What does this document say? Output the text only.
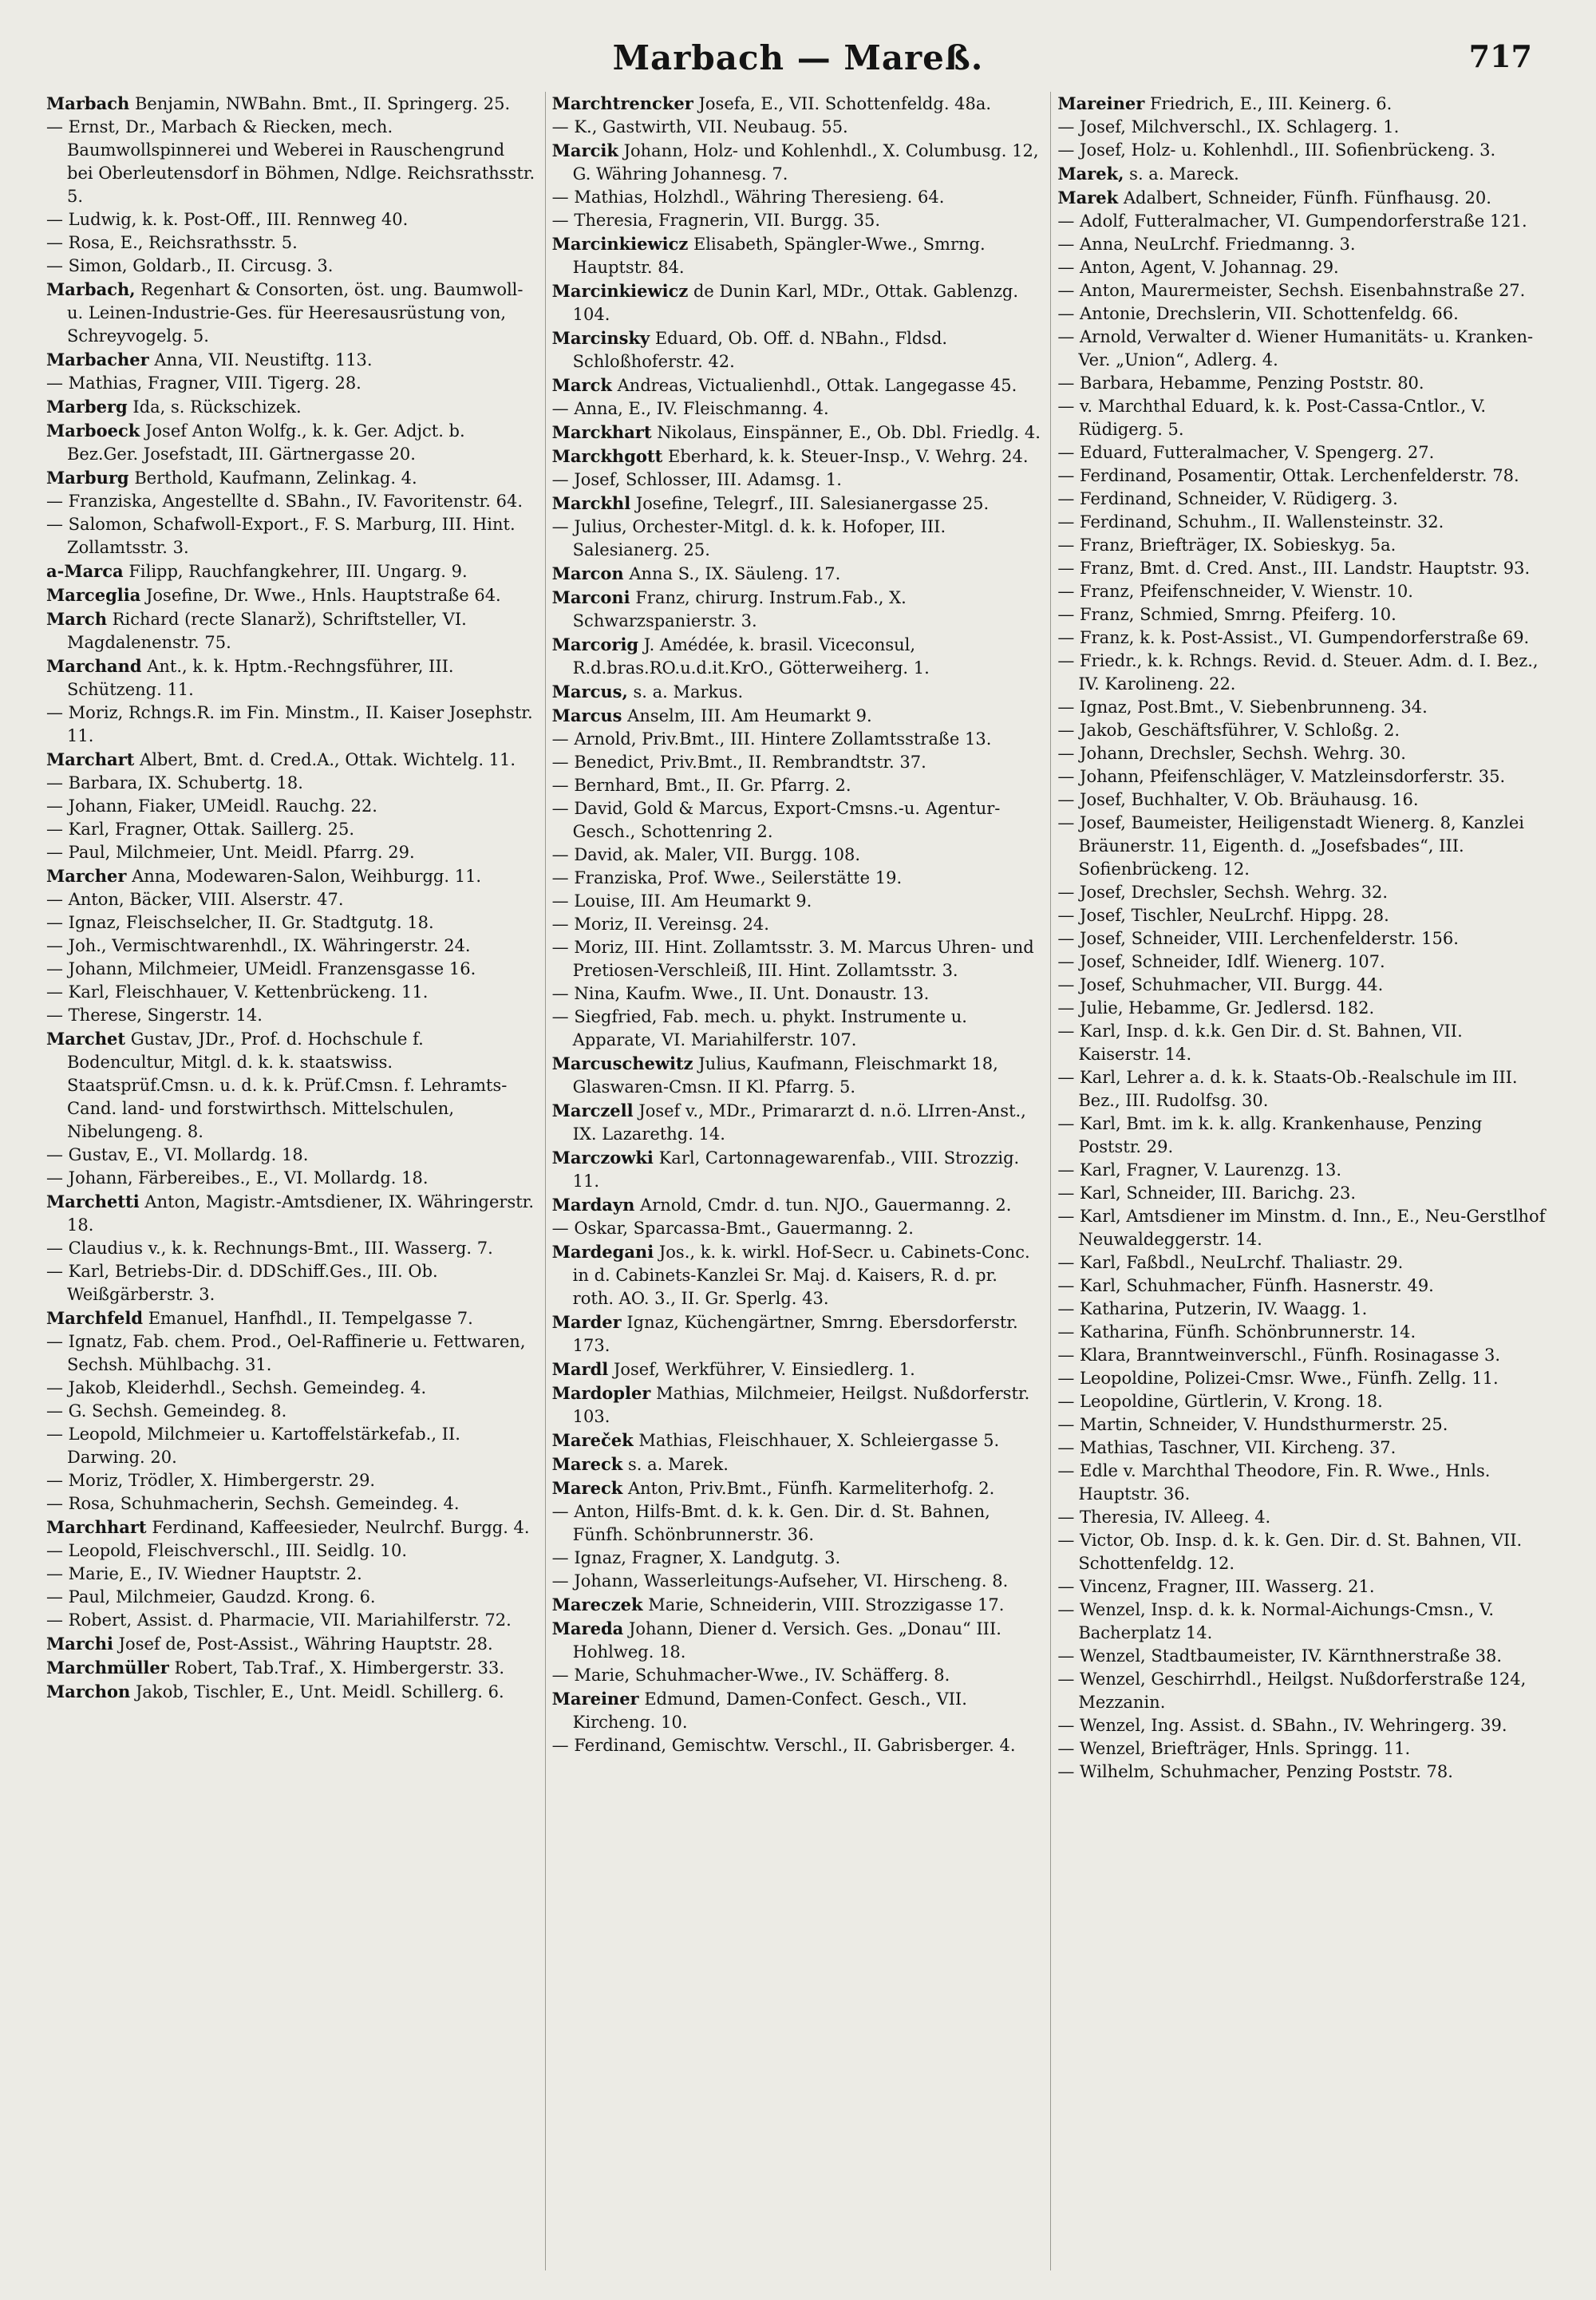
Marbach — Mareß.	717

Marbach Benjamin, NWBahn. Bmt., II. Springerg. 25.

— Ernst, Dr., Marbach & Riecken, mech. Baumwollspinnerei und Weberei in Rauschengrund bei Oberleutensdorf in Böhmen, Ndlge. Reichsrathsstr. 5.

— Ludwig, k. k. Post-Off., III. Rennweg 40.

— Rosa, E., Reichsrathsstr. 5.

— Simon, Goldarb., II. Circusg. 3.

Marbach, Regenhart & Consorten, öst. ung. Baumwoll- u. Leinen-Industrie-Ges. für Heeresausrüstung von, Schreyvogelg. 5.

Marbacher Anna, VII. Neustiftg. 113.

— Mathias, Fragner, VIII. Tigerg. 28.

Marberg Ida, s. Rückschizek.

Marboeck Josef Anton Wolfg., k. k. Ger. Adjct. b. Bez.Ger. Josefstadt, III. Gärtnergasse 20.

Marburg Berthold, Kaufmann, Zelinkag. 4.

— Franziska, Angestellte d. SBahn., IV. Favoritenstr. 64.

— Salomon, Schafwoll-Export., F. S. Marburg, III. Hint. Zollamtsstr. 3.

a-Marca Filipp, Rauchfangkehrer, III. Ungarg. 9.

Marceglia Josefine, Dr. Wwe., Hnls. Hauptstraße 64.

March Richard (recte Slanarž), Schriftsteller, VI. Magdalenenstr. 75.

Marchand Ant., k. k. Hptm.-Rechngsführer, III. Schützeng. 11.

— Moriz, Rchngs.R. im Fin. Minstm., II. Kaiser Josephstr. 11.

Marchart Albert, Bmt. d. Cred.A., Ottak. Wichtelg. 11.

— Barbara, IX. Schubertg. 18.

— Johann, Fiaker, UMeidl. Rauchg. 22.

— Karl, Fragner, Ottak. Saillerg. 25.

— Paul, Milchmeier, Unt. Meidl. Pfarrg. 29.

Marcher Anna, Modewaren-Salon, Weihburgg. 11.

— Anton, Bäcker, VIII. Alserstr. 47.

— Ignaz, Fleischselcher, II. Gr. Stadtgutg. 18.

— Joh., Vermischtwarenhdl., IX. Währingerstr. 24.

— Johann, Milchmeier, UMeidl. Franzensgasse 16.

— Karl, Fleischhauer, V. Kettenbrückeng. 11.

— Therese, Singerstr. 14.

Marchet Gustav, JDr., Prof. d. Hochschule f. Bodencultur, Mitgl. d. k. k. staatswiss. Staatsprüf.Cmsn. u. d. k. k. Prüf.Cmsn. f. Lehramts-Cand. land- und forstwirthsch. Mittelschulen, Nibelungeng. 8.

— Gustav, E., VI. Mollardg. 18.

— Johann, Färbereibes., E., VI. Mollardg. 18.

Marchetti Anton, Magistr.-Amtsdiener, IX. Währingerstr. 18.

— Claudius v., k. k. Rechnungs-Bmt., III. Wasserg. 7.

— Karl, Betriebs-Dir. d. DDSchiff.Ges., III. Ob. Weißgärberstr. 3.

Marchfeld Emanuel, Hanfhdl., II. Tempelgasse 7.

— Ignatz, Fab. chem. Prod., Oel-Raffinerie u. Fettwaren, Sechsh. Mühlbachg. 31.

— Jakob, Kleiderhdl., Sechsh. Gemeindeg. 4.

— G. Sechsh. Gemeindeg. 8.

— Leopold, Milchmeier u. Kartoffelstärkefab., II. Darwing. 20.

— Moriz, Trödler, X. Himbergerstr. 29.

— Rosa, Schuhmacherin, Sechsh. Gemeindeg. 4.

Marchhart Ferdinand, Kaffeesieder, Neulrchf. Burgg. 4.

— Leopold, Fleischverschl., III. Seidlg. 10.

— Marie, E., IV. Wiedner Hauptstr. 2.

— Paul, Milchmeier, Gaudzd. Krong. 6.

— Robert, Assist. d. Pharmacie, VII. Mariahilferstr. 72.

Marchi Josef de, Post-Assist., Währing Hauptstr. 28.

Marchmüller Robert, Tab.Traf., X. Himbergerstr. 33.

Marchon Jakob, Tischler, E., Unt. Meidl. Schillerg. 6.

Marchtrencker Josefa, E., VII. Schottenfeldg. 48a.

— K., Gastwirth, VII. Neubaug. 55.

Marcik Johann, Holz- und Kohlenhdl., X. Columbusg. 12, G. Währing Johannesg. 7.

— Mathias, Holzhdl., Währing Theresieng. 64.

— Theresia, Fragnerin, VII. Burgg. 35.

Marcinkiewicz Elisabeth, Spängler-Wwe., Smrng. Hauptstr. 84.

Marcinkiewicz de Dunin Karl, MDr., Ottak. Gablenzg. 104.

Marcinsky Eduard, Ob. Off. d. NBahn., Fldsd. Schloßhoferstr. 42.

Marck Andreas, Victualienhdl., Ottak. Langegasse 45.

— Anna, E., IV. Fleischmanng. 4.

Marckhart Nikolaus, Einspänner, E., Ob. Dbl. Friedlg. 4.

Marckhgott Eberhard, k. k. Steuer-Insp., V. Wehrg. 24.

— Josef, Schlosser, III. Adamsg. 1.

Marckhl Josefine, Telegrf., III. Salesianergasse 25.

— Julius, Orchester-Mitgl. d. k. k. Hofoper, III. Salesianerg. 25.

Marcon Anna S., IX. Säuleng. 17.

Marconi Franz, chirurg. Instrum.Fab., X. Schwarzspanierstr. 3.

Marcorig J. Amédée, k. brasil. Viceconsul, R.d.bras.RO.u.d.it.KrO., Götterweiherg. 1.

Marcus, s. a. Markus.

Marcus Anselm, III. Am Heumarkt 9.

— Arnold, Priv.Bmt., III. Hintere Zollamtsstraße 13.

— Benedict, Priv.Bmt., II. Rembrandtstr. 37.

— Bernhard, Bmt., II. Gr. Pfarrg. 2.

— David, Gold & Marcus, Export-Cmsns.-u. Agentur-Gesch., Schottenring 2.

— David, ak. Maler, VII. Burgg. 108.

— Franziska, Prof. Wwe., Seilerstätte 19.

— Louise, III. Am Heumarkt 9.

— Moriz, II. Vereinsg. 24.

— Moriz, III. Hint. Zollamtsstr. 3. M. Marcus Uhren- und Pretiosen-Verschleiß, III. Hint. Zollamtsstr. 3.

— Nina, Kaufm. Wwe., II. Unt. Donaustr. 13.

— Siegfried, Fab. mech. u. phykt. Instrumente u. Apparate, VI. Mariahilferstr. 107.

Marcuschewitz Julius, Kaufmann, Fleischmarkt 18, Glaswaren-Cmsn. II Kl. Pfarrg. 5.

Marczell Josef v., MDr., Primararzt d. n.ö. LIrren-Anst., IX. Lazarethg. 14.

Marczowki Karl, Cartonnagewarenfab., VIII. Strozzig. 11.

Mardayn Arnold, Cmdr. d. tun. NJO., Gauermanng. 2.

— Oskar, Sparcassa-Bmt., Gauermanng. 2.

Mardegani Jos., k. k. wirkl. Hof-Secr. u. Cabinets-Conc. in d. Cabinets-Kanzlei Sr. Maj. d. Kaisers, R. d. pr. roth. AO. 3., II. Gr. Sperlg. 43.

Marder Ignaz, Küchengärtner, Smrng. Ebersdorferstr. 173.

Mardl Josef, Werkführer, V. Einsiedlerg. 1.

Mardopler Mathias, Milchmeier, Heilgst. Nußdorferstr. 103.

Mareček Mathias, Fleischhauer, X. Schleiergasse 5.

Mareck s. a. Marek.

Mareck Anton, Priv.Bmt., Fünfh. Karmeliterhofg. 2.

— Anton, Hilfs-Bmt. d. k. k. Gen. Dir. d. St. Bahnen, Fünfh. Schönbrunnerstr. 36.

— Ignaz, Fragner, X. Landgutg. 3.

— Johann, Wasserleitungs-Aufseher, VI. Hirscheng. 8.

Mareczek Marie, Schneiderin, VIII. Strozzigasse 17.

Mareda Johann, Diener d. Versich. Ges. „Donau“ III. Hohlweg. 18.

— Marie, Schuhmacher-Wwe., IV. Schäfferg. 8.

Mareiner Edmund, Damen-Confect. Gesch., VII. Kircheng. 10.

— Ferdinand, Gemischtw. Verschl., II. Gabrisberger. 4.

Mareiner Friedrich, E., III. Keinerg. 6.

— Josef, Milchverschl., IX. Schlagerg. 1.

— Josef, Holz- u. Kohlenhdl., III. Sofienbrückeng. 3.

Marek, s. a. Mareck.

Marek Adalbert, Schneider, Fünfh. Fünfhausg. 20.

— Adolf, Futteralmacher, VI. Gumpendorferstraße 121.

— Anna, NeuLrchf. Friedmanng. 3.

— Anton, Agent, V. Johannag. 29.

— Anton, Maurermeister, Sechsh. Eisenbahnstraße 27.

— Antonie, Drechslerin, VII. Schottenfeldg. 66.

— Arnold, Verwalter d. Wiener Humanitäts- u. Kranken-Ver. „Union“, Adlerg. 4.

— Barbara, Hebamme, Penzing Poststr. 80.

— v. Marchthal Eduard, k. k. Post-Cassa-Cntlor., V. Rüdigerg. 5.

— Eduard, Futteralmacher, V. Spengerg. 27.

— Ferdinand, Posamentir, Ottak. Lerchenfelderstr. 78.

— Ferdinand, Schneider, V. Rüdigerg. 3.

— Ferdinand, Schuhm., II. Wallensteinstr. 32.

— Franz, Briefträger, IX. Sobieskyg. 5a.

— Franz, Bmt. d. Cred. Anst., III. Landstr. Hauptstr. 93.

— Franz, Pfeifenschneider, V. Wienstr. 10.

— Franz, Schmied, Smrng. Pfeiferg. 10.

— Franz, k. k. Post-Assist., VI. Gumpendorferstraße 69.

— Friedr., k. k. Rchngs. Revid. d. Steuer. Adm. d. I. Bez., IV. Karolineng. 22.

— Ignaz, Post.Bmt., V. Siebenbrunneng. 34.

— Jakob, Geschäftsführer, V. Schloßg. 2.

— Johann, Drechsler, Sechsh. Wehrg. 30.

— Johann, Pfeifenschläger, V. Matzleinsdorferstr. 35.

— Josef, Buchhalter, V. Ob. Bräuhausg. 16.

— Josef, Baumeister, Heiligenstadt Wienerg. 8, Kanzlei Bräunerstr. 11, Eigenth. d. „Josefsbades“, III. Sofienbrückeng. 12.

— Josef, Drechsler, Sechsh. Wehrg. 32.

— Josef, Tischler, NeuLrchf. Hippg. 28.

— Josef, Schneider, VIII. Lerchenfelderstr. 156.

— Josef, Schneider, Idlf. Wienerg. 107.

— Josef, Schuhmacher, VII. Burgg. 44.

— Julie, Hebamme, Gr. Jedlersd. 182.

— Karl, Insp. d. k.k. Gen Dir. d. St. Bahnen, VII. Kaiserstr. 14.

— Karl, Lehrer a. d. k. k. Staats-Ob.-Realschule im III. Bez., III. Rudolfsg. 30.

— Karl, Bmt. im k. k. allg. Krankenhause, Penzing Poststr. 29.

— Karl, Fragner, V. Laurenzg. 13.

— Karl, Schneider, III. Barichg. 23.

— Karl, Amtsdiener im Minstm. d. Inn., E., Neu-Gerstlhof Neuwaldeggerstr. 14.

— Karl, Faßbdl., NeuLrchf. Thaliastr. 29.

— Karl, Schuhmacher, Fünfh. Hasnerstr. 49.

— Katharina, Putzerin, IV. Waagg. 1.

— Katharina, Fünfh. Schönbrunnerstr. 14.

— Klara, Branntweinverschl., Fünfh. Rosinagasse 3.

— Leopoldine, Polizei-Cmsr. Wwe., Fünfh. Zellg. 11.

— Leopoldine, Gürtlerin, V. Krong. 18.

— Martin, Schneider, V. Hundsthurmerstr. 25.

— Mathias, Taschner, VII. Kircheng. 37.

— Edle v. Marchthal Theodore, Fin. R. Wwe., Hnls. Hauptstr. 36.

— Theresia, IV. Alleeg. 4.

— Victor, Ob. Insp. d. k. k. Gen. Dir. d. St. Bahnen, VII. Schottenfeldg. 12.

— Vincenz, Fragner, III. Wasserg. 21.

— Wenzel, Insp. d. k. k. Normal-Aichungs-Cmsn., V. Bacherplatz 14.

— Wenzel, Stadtbaumeister, IV. Kärnthnerstraße 38.

— Wenzel, Geschirrhdl., Heilgst. Nußdorferstraße 124, Mezzanin.

— Wenzel, Ing. Assist. d. SBahn., IV. Wehringerg. 39.

— Wenzel, Briefträger, Hnls. Springg. 11.

— Wilhelm, Schuhmacher, Penzing Poststr. 78.
